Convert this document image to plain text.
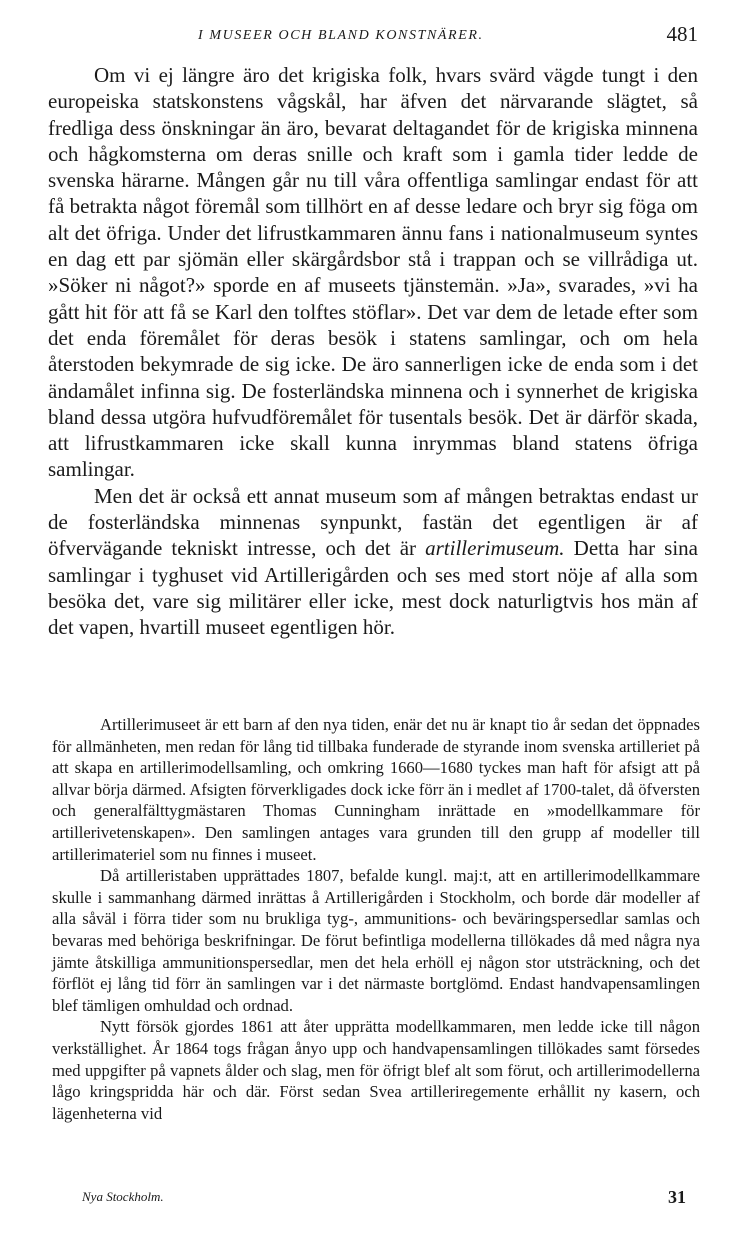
I MUSEER OCH BLAND KONSTNÄRER.	481

Om vi ej längre äro det krigiska folk, hvars svärd vägde tungt i den europeiska statskonstens vågskål, har äfven det närvarande slägtet, så fredliga dess önskningar än äro, bevarat deltagandet för de krigiska minnena och hågkomsterna om deras snille och kraft som i gamla tider ledde de svenska härarne. Mången går nu till våra offentliga samlingar endast för att få betrakta något föremål som tillhört en af desse ledare och bryr sig föga om alt det öfriga. Under det lifrustkammaren ännu fans i nationalmuseum syntes en dag ett par sjömän eller skärgårdsbor stå i trappan och se villrådiga ut. »Söker ni något?» sporde en af museets tjänstemän. »Ja», svarades, »vi ha gått hit för att få se Karl den tolftes stöflar». Det var dem de letade efter som det enda föremålet för deras besök i statens samlingar, och om hela återstoden bekymrade de sig icke. De äro sannerligen icke de enda som i det ändamålet infinna sig. De fosterländska minnena och i synnerhet de krigiska bland dessa utgöra hufvudföremålet för tusentals besök. Det är därför skada, att lifrustkammaren icke skall kunna inrymmas bland statens öfriga samlingar.

Men det är också ett annat museum som af mången betraktas endast ur de fosterländska minnenas synpunkt, fastän det egentligen är af öfvervägande tekniskt intresse, och det är artillerimuseum. Detta har sina samlingar i tyghuset vid Artillerigården och ses med stort nöje af alla som besöka det, vare sig militärer eller icke, mest dock naturligtvis hos män af det vapen, hvartill museet egentligen hör.

Artillerimuseet är ett barn af den nya tiden, enär det nu är knapt tio år sedan det öppnades för allmänheten, men redan för lång tid tillbaka funderade de styrande inom svenska artilleriet på att skapa en artillerimodellsamling, och omkring 1660—1680 tyckes man haft för afsigt att på allvar börja därmed. Afsigten förverkligades dock icke förr än i medlet af 1700-talet, då öfversten och generalfälttygmästaren Thomas Cunningham inrättade en »modellkammare för artillerivetenskapen». Den samlingen antages vara grunden till den grupp af modeller till artillerimateriel som nu finnes i museet.

Då artilleristaben upprättades 1807, befalde kungl. maj:t, att en artillerimodellkammare skulle i sammanhang därmed inrättas å Artillerigården i Stockholm, och borde där modeller af alla såväl i förra tider som nu brukliga tyg-, ammunitions- och beväringspersedlar samlas och bevaras med behöriga beskrifningar. De förut befintliga modellerna tillökades då med några nya jämte åtskilliga ammunitionspersedlar, men det hela erhöll ej någon stor utsträckning, och det förflöt ej lång tid förr än samlingen var i det närmaste bortglömd. Endast handvapensamlingen blef tämligen omhuldad och ordnad.

Nytt försök gjordes 1861 att åter upprätta modellkammaren, men ledde icke till någon verkställighet. År 1864 togs frågan ånyo upp och handvapensamlingen tillökades samt försedes med uppgifter på vapnets ålder och slag, men för öfrigt blef alt som förut, och artillerimodellerna lågo kringspridda här och där. Först sedan Svea artilleriregemente erhållit ny kasern, och lägenheterna vid

Nya Stockholm.	31
